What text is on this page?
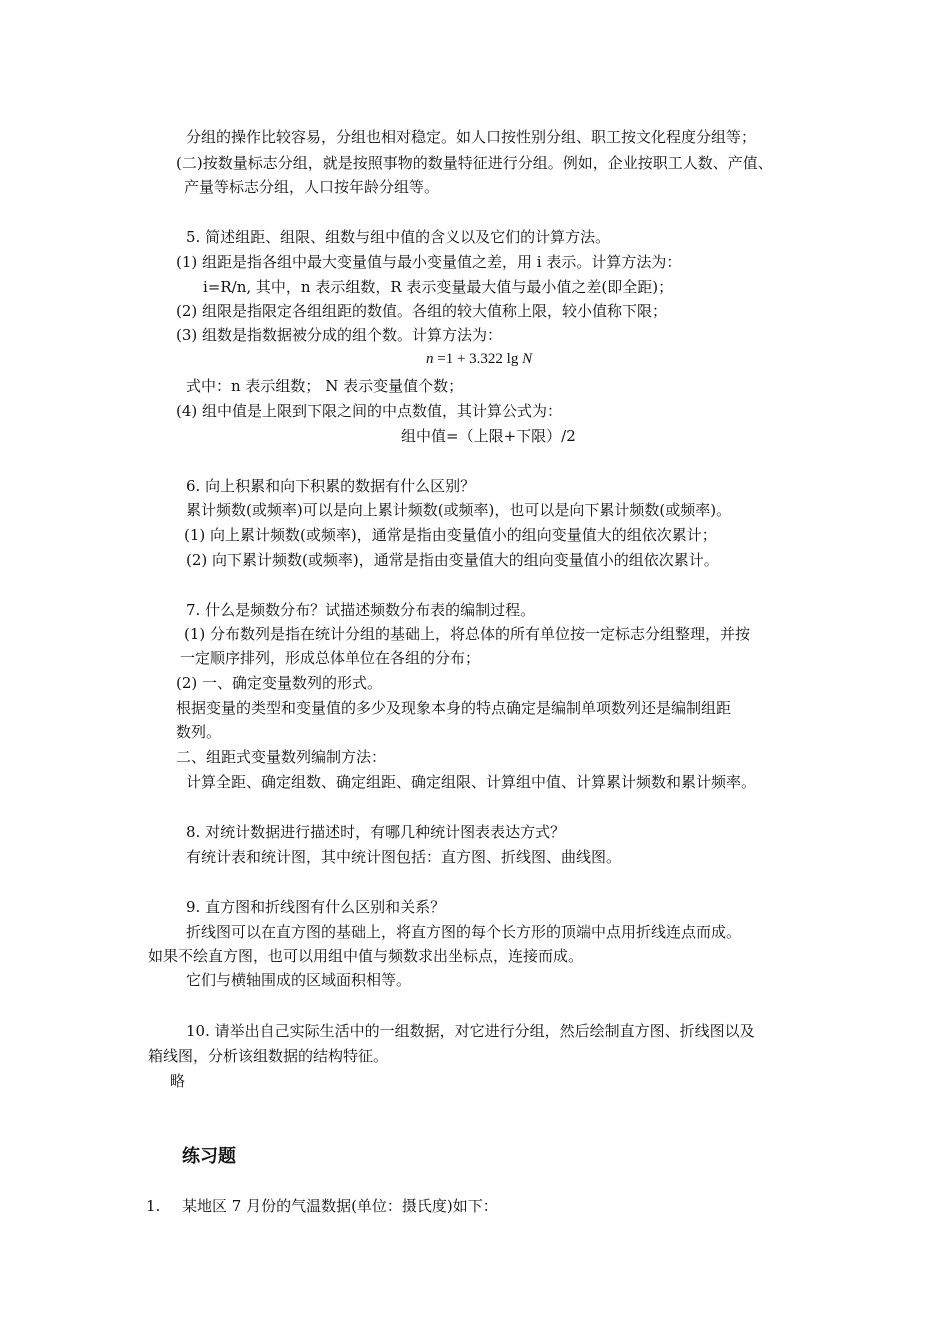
分组的操作比较容易，分组也相对稳定。如人口按性别分组、职工按文化程度分组等；
(二)按数量标志分组，就是按照事物的数量特征进行分组。例如，企业按职工人数、产值、
产量等标志分组，人口按年龄分组等。
5. 简述组距、组限、组数与组中值的含义以及它们的计算方法。
(1) 组距是指各组中最大变量值与最小变量值之差，用 i 表示。计算方法为：
i=R/n, 其中，n 表示组数，R 表示变量最大值与最小值之差(即全距)；
(2) 组限是指限定各组组距的数值。各组的较大值称上限，较小值称下限；
(3) 组数是指数据被分成的组个数。计算方法为：
n =1 + 3.322 lg N
式中：n 表示组数； N 表示变量值个数；
(4) 组中值是上限到下限之间的中点数值，其计算公式为：
组中值=（上限+下限）/2
6. 向上积累和向下积累的数据有什么区别？
累计频数(或频率)可以是向上累计频数(或频率)，也可以是向下累计频数(或频率)。
(1) 向上累计频数(或频率)，通常是指由变量值小的组向变量值大的组依次累计；
(2) 向下累计频数(或频率)，通常是指由变量值大的组向变量值小的组依次累计。
7. 什么是频数分布？试描述频数分布表的编制过程。
(1) 分布数列是指在统计分组的基础上，将总体的所有单位按一定标志分组整理，并按
一定顺序排列，形成总体单位在各组的分布；
(2) 一、确定变量数列的形式。
根据变量的类型和变量值的多少及现象本身的特点确定是编制单项数列还是编制组距
数列。
二、组距式变量数列编制方法：
计算全距、确定组数、确定组距、确定组限、计算组中值、计算累计频数和累计频率。
8. 对统计数据进行描述时，有哪几种统计图表表达方式？
有统计表和统计图，其中统计图包括：直方图、折线图、曲线图。
9. 直方图和折线图有什么区别和关系？
折线图可以在直方图的基础上，将直方图的每个长方形的顶端中点用折线连点而成。
如果不绘直方图，也可以用组中值与频数求出坐标点，连接而成。
它们与横轴围成的区域面积相等。
10. 请举出自己实际生活中的一组数据，对它进行分组，然后绘制直方图、折线图以及
箱线图，分析该组数据的结构特征。
略
练习题
1. 某地区 7 月份的气温数据(单位：摄氏度)如下：
